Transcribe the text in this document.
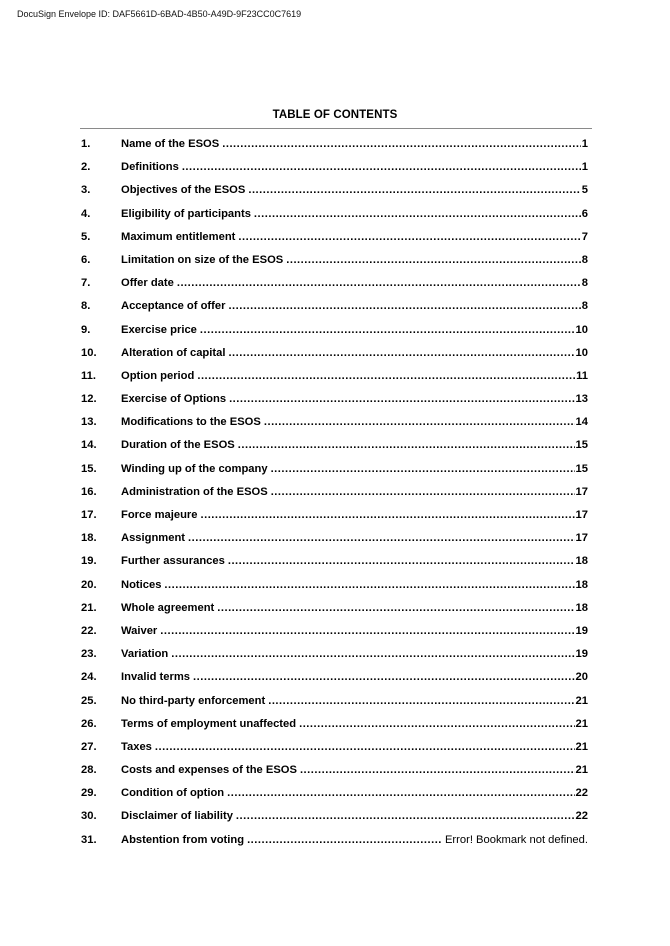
DocuSign Envelope ID: DAF5661D-6BAD-4B50-A49D-9F23CC0C7619
TABLE OF CONTENTS
1.	Name of the ESOS .....	1
2.	Definitions .....	1
3.	Objectives of the ESOS .....	5
4.	Eligibility of participants .....	6
5.	Maximum entitlement .....	7
6.	Limitation on size of the ESOS .....	8
7.	Offer date .....	8
8.	Acceptance of offer .....	8
9.	Exercise price .....	10
10.	Alteration of capital .....	10
11.	Option period .....	11
12.	Exercise of Options .....	13
13.	Modifications to the ESOS .....	14
14.	Duration of the ESOS .....	15
15.	Winding up of the company .....	15
16.	Administration of the ESOS .....	17
17.	Force majeure .....	17
18.	Assignment .....	17
19.	Further assurances .....	18
20.	Notices .....	18
21.	Whole agreement .....	18
22.	Waiver .....	19
23.	Variation .....	19
24.	Invalid terms .....	20
25.	No third-party enforcement .....	21
26.	Terms of employment unaffected .....	21
27.	Taxes .....	21
28.	Costs and expenses of the ESOS .....	21
29.	Condition of option .....	22
30.	Disclaimer of liability .....	22
31.	Abstention from voting .....	Error! Bookmark not defined.
